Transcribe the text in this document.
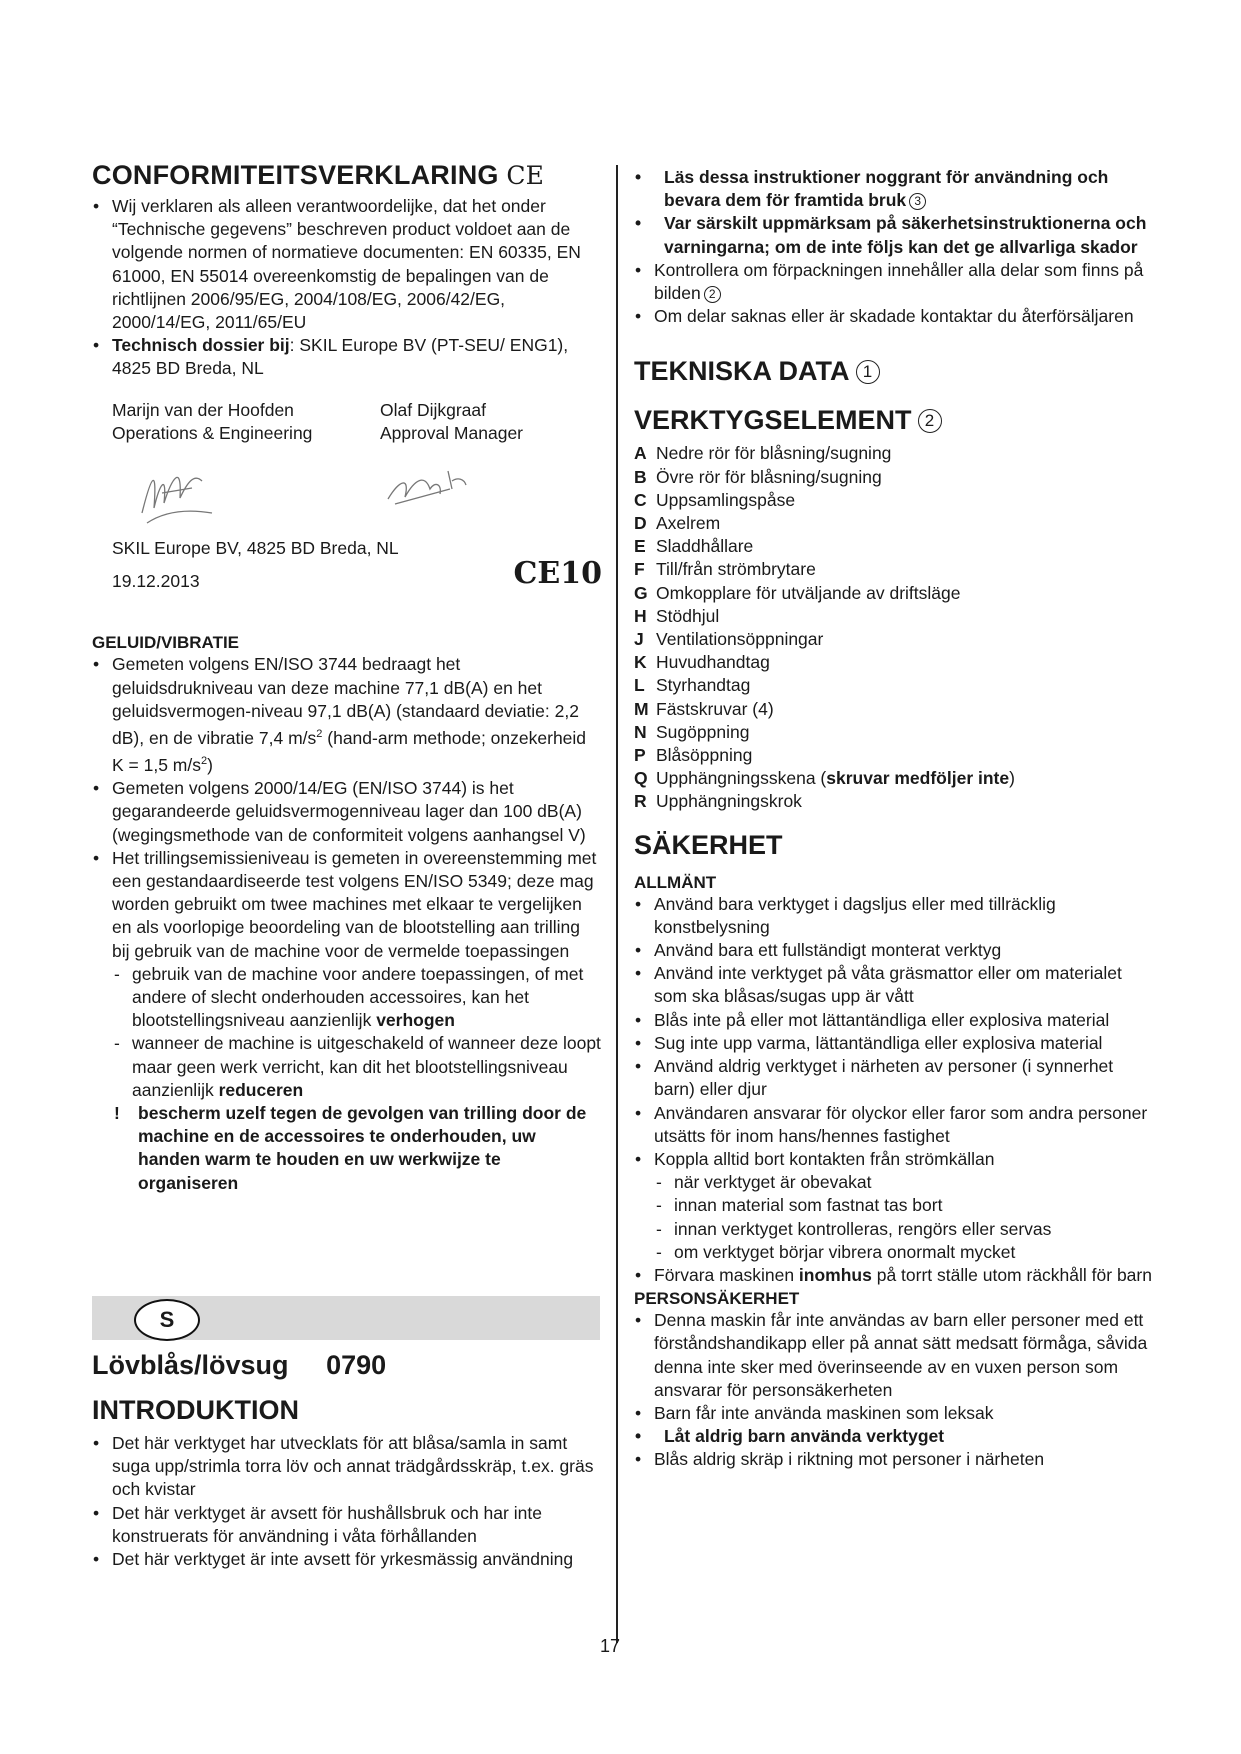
CONFORMITEITSVERKLARING CE
• Wij verklaren als alleen verantwoordelijke, dat het onder “Technische gegevens” beschreven product voldoet aan de volgende normen of normatieve documenten: EN 60335, EN 61000, EN 55014 overeenkomstig de bepalingen van de richtlijnen 2006/95/EG, 2004/108/EG, 2006/42/EG, 2000/14/EG, 2011/65/EU
• Technisch dossier bij: SKIL Europe BV (PT-SEU/ ENG1), 4825 BD Breda, NL
Marijn van der Hoofden
Operations & Engineering
Olaf Dijkgraaf
Approval Manager
SKIL Europe BV, 4825 BD Breda, NL
19.12.2013	CE10
GELUID/VIBRATIE
• Gemeten volgens EN/ISO 3744 bedraagt het geluidsdrukniveau van deze machine 77,1 dB(A) en het geluidsvermogen-niveau 97,1 dB(A) (standaard deviatie: 2,2 dB), en de vibratie 7,4 $m/s^2$ (hand-arm methode; onzekerheid K = 1,5 $m/s^2$)
• Gemeten volgens 2000/14/EG (EN/ISO 3744) is het gegarandeerde geluidsvermogenniveau lager dan 100 dB(A) (wegingsmethode van de conformiteit volgens aanhangsel V)
• Het trillingsemissieniveau is gemeten in overeenstemming met een gestandaardiseerde test volgens EN/ISO 5349; deze mag worden gebruikt om twee machines met elkaar te vergelijken en als voorlopige beoordeling van de blootstelling aan trilling bij gebruik van de machine voor de vermelde toepassingen
- gebruik van de machine voor andere toepassingen, of met andere of slecht onderhouden accessoires, kan het blootstellingsniveau aanzienlijk verhogen
- wanneer de machine is uitgeschakeld of wanneer deze loopt maar geen werk verricht, kan dit het blootstellingsniveau aanzienlijk reduceren
! bescherm uzelf tegen de gevolgen van trilling door de machine en de accessoires te onderhouden, uw handen warm te houden en uw werkwijze te organiseren
S
Lövblås/lövsug 0790
INTRODUKTION
• Det här verktyget har utvecklats för att blåsa/samla in samt suga upp/strimla torra löv och annat trädgårdsskräp, t.ex. gräs och kvistar
• Det här verktyget är avsett för hushållsbruk och har inte konstruerats för användning i våta förhållanden
• Det här verktyget är inte avsett för yrkesmässig användning
• Läs dessa instruktioner noggrant för användning och bevara dem för framtida bruk 3
• Var särskilt uppmärksam på säkerhetsinstruktionerna och varningarna; om de inte följs kan det ge allvarliga skador
• Kontrollera om förpackningen innehåller alla delar som finns på bilden 2
• Om delar saknas eller är skadade kontaktar du återförsäljaren
TEKNISKA DATA 1
VERKTYGSELEMENT 2
A Nedre rör för blåsning/sugning
B Övre rör för blåsning/sugning
C Uppsamlingspåse
D Axelrem
E Sladdhållare
F Till/från strömbrytare
G Omkopplare för utväljande av driftsläge
H Stödhjul
J Ventilationsöppningar
K Huvudhandtag
L Styrhandtag
M Fästskruvar (4)
N Sugöppning
P Blåsöppning
Q Upphängningsskena (skruvar medföljer inte)
R Upphängningskrok
SÄKERHET
ALLMÄNT
• Använd bara verktyget i dagsljus eller med tillräcklig konstbelysning
• Använd bara ett fullständigt monterat verktyg
• Använd inte verktyget på våta gräsmattor eller om materialet som ska blåsas/sugas upp är vått
• Blås inte på eller mot lättantändliga eller explosiva material
• Sug inte upp varma, lättantändliga eller explosiva material
• Använd aldrig verktyget i närheten av personer (i synnerhet barn) eller djur
• Användaren ansvarar för olyckor eller faror som andra personer utsätts för inom hans/hennes fastighet
• Koppla alltid bort kontakten från strömkällan
- när verktyget är obevakat
- innan material som fastnat tas bort
- innan verktyget kontrolleras, rengörs eller servas
- om verktyget börjar vibrera onormalt mycket
• Förvara maskinen inomhus på torrt ställe utom räckhåll för barn
PERSONSÄKERHET
• Denna maskin får inte användas av barn eller personer med ett förståndshandikapp eller på annat sätt medsatt förmåga, såvida denna inte sker med överinseende av en vuxen person som ansvarar för personsäkerheten
• Barn får inte använda maskinen som leksak
• Låt aldrig barn använda verktyget
• Blås aldrig skräp i riktning mot personer i närheten
17
